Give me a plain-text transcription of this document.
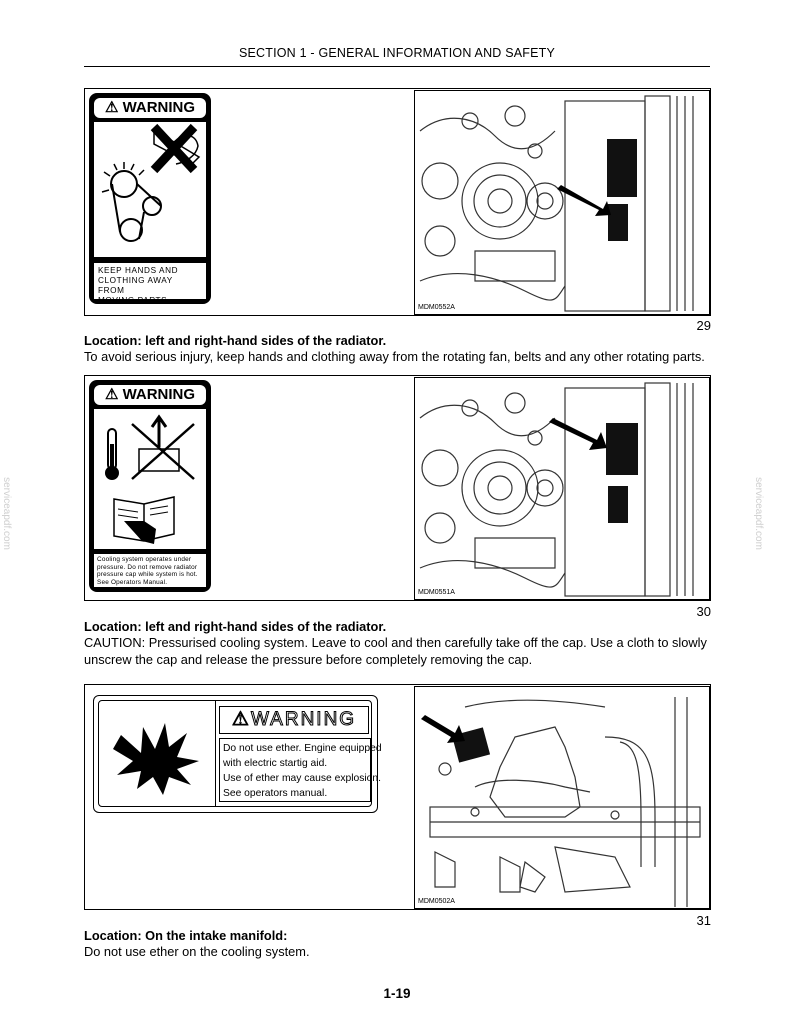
SECTION 1 - GENERAL INFORMATION AND SAFETY
serviceapdf.com	serviceapdf.com
⚠ WARNING
KEEP HANDS AND
CLOTHING AWAY FROM
MOVING PARTS.
MDM0552A
29
Location: left and right-hand sides of the radiator.
To avoid serious injury, keep hands and clothing away from the rotating fan, belts and any other rotating parts.
⚠ WARNING
Cooling system operates under
pressure. Do not remove radiator
pressure cap while system is hot.
See Operators Manual.
MDM0551A
30
Location: left and right-hand sides of the radiator.
CAUTION: Pressurised cooling system. Leave to cool and then carefully take off the cap. Use a cloth to slowly unscrew the cap and release the pressure before completely removing the cap.
⚠WARNING
Do not use ether. Engine equipped
with electric startig aid.
Use of ether may cause explosion.
See operators manual.
MDM0502A
31
Location: On the intake manifold:
Do not use ether on the cooling system.
1-19
